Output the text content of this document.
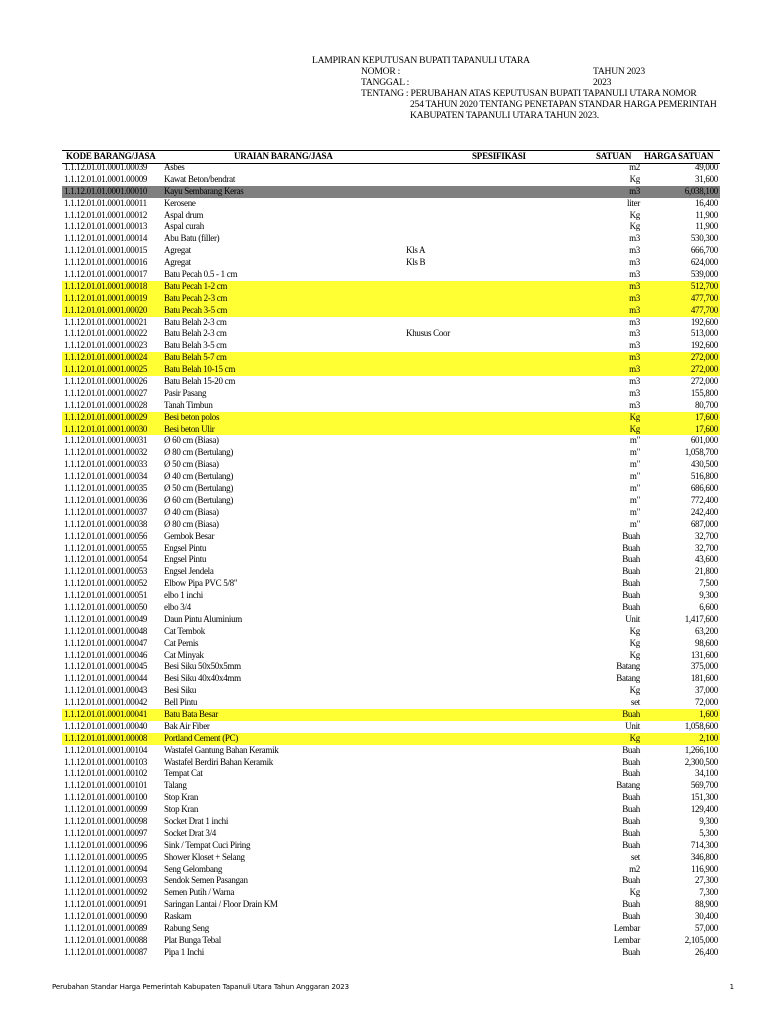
LAMPIRAN KEPUTUSAN BUPATI TAPANULI UTARA
NOMOR :	TAHUN 2023
TANGGAL :	2023
TENTANG : PERUBAHAN ATAS KEPUTUSAN BUPATI TAPANULI UTARA NOMOR
254 TAHUN 2020 TENTANG PENETAPAN STANDAR HARGA PEMERINTAH
KABUPATEN TAPANULI UTARA TAHUN 2023.
KODE BARANG/JASA	URAIAN BARANG/JASA	SPESIFIKASI	SATUAN HARGA SATUAN
1.1.12.01.01.0001.00039 Asbes	m2	49,000
1.1.12.01.01.0001.00009 Kawat Beton/bendrat	Kg	31,600
1.1.12.01.01.0001.00010 Kayu Sembarang Keras	m3	6,038,100
1.1.12.01.01.0001.00011 Kerosene	liter	16,400
1.1.12.01.01.0001.00012 Aspal drum	Kg	11,900
1.1.12.01.01.0001.00013 Aspal curah	Kg	11,900
1.1.12.01.01.0001.00014 Abu Batu (filler)	m3	530,300
1.1.12.01.01.0001.00015 Agregat	Kls A	m3	666,700
1.1.12.01.01.0001.00016 Agregat	Kls B	m3	624,000
1.1.12.01.01.0001.00017 Batu Pecah 0.5 - 1 cm	m3	539,000
1.1.12.01.01.0001.00018 Batu Pecah 1-2 cm	m3	512,700
1.1.12.01.01.0001.00019 Batu Pecah 2-3 cm	m3	477,700
1.1.12.01.01.0001.00020 Batu Pecah 3-5 cm	m3	477,700
1.1.12.01.01.0001.00021 Batu Belah 2-3 cm	m3	192,600
1.1.12.01.01.0001.00022 Batu Belah 2-3 cm	Khusus Coor	m3	513,000
1.1.12.01.01.0001.00023 Batu Belah 3-5 cm	m3	192,600
1.1.12.01.01.0001.00024 Batu Belah 5-7 cm	m3	272,000
1.1.12.01.01.0001.00025 Batu Belah 10-15 cm	m3	272,000
1.1.12.01.01.0001.00026 Batu Belah 15-20 cm	m3	272,000
1.1.12.01.01.0001.00027 Pasir Pasang	m3	155,800
1.1.12.01.01.0001.00028 Tanah Timbun	m3	80,700
1.1.12.01.01.0001.00029 Besi beton polos	Kg	17,600
1.1.12.01.01.0001.00030 Besi beton Ulir	Kg	17,600
1.1.12.01.01.0001.00031 Ø 60 cm (Biasa)	m"	601,000
1.1.12.01.01.0001.00032 Ø 80 cm (Bertulang)	m"	1,058,700
1.1.12.01.01.0001.00033 Ø 50 cm (Biasa)	m"	430,500
1.1.12.01.01.0001.00034 Ø 40 cm (Bertulang)	m"	516,800
1.1.12.01.01.0001.00035 Ø 50 cm (Bertulang)	m"	686,600
1.1.12.01.01.0001.00036 Ø 60 cm (Bertulang)	m"	772,400
1.1.12.01.01.0001.00037 Ø 40 cm (Biasa)	m"	242,400
1.1.12.01.01.0001.00038 Ø 80 cm (Biasa)	m"	687,000
1.1.12.01.01.0001.00056 Gembok Besar	Buah	32,700
1.1.12.01.01.0001.00055 Engsel Pintu	Buah	32,700
1.1.12.01.01.0001.00054 Engsel Pintu	Buah	43,600
1.1.12.01.01.0001.00053 Engsel Jendela	Buah	21,800
1.1.12.01.01.0001.00052 Elbow Pipa PVC 5/8"	Buah	7,500
1.1.12.01.01.0001.00051 elbo 1 inchi	Buah	9,300
1.1.12.01.01.0001.00050 elbo 3/4	Buah	6,600
1.1.12.01.01.0001.00049 Daun Pintu Aluminium	Unit	1,417,600
1.1.12.01.01.0001.00048 Cat Tembok	Kg	63,200
1.1.12.01.01.0001.00047 Cat Pernis	Kg	98,600
1.1.12.01.01.0001.00046 Cat Minyak	Kg	131,600
1.1.12.01.01.0001.00045 Besi Siku 50x50x5mm	Batang	375,000
1.1.12.01.01.0001.00044 Besi Siku 40x40x4mm	Batang	181,600
1.1.12.01.01.0001.00043 Besi Siku	Kg	37,000
1.1.12.01.01.0001.00042 Bell Pintu	set	72,000
1.1.12.01.01.0001.00041 Batu Bata Besar	Buah	1,600
1.1.12.01.01.0001.00040 Bak Air Fiber	Unit	1,058,600
1.1.12.01.01.0001.00008 Portland Cement (PC)	Kg	2,100
1.1.12.01.01.0001.00104 Wastafel Gantung Bahan Keramik	Buah	1,266,100
1.1.12.01.01.0001.00103 Wastafel Berdiri Bahan Keramik	Buah	2,300,500
1.1.12.01.01.0001.00102 Tempat Cat	Buah	34,100
1.1.12.01.01.0001.00101 Talang	Batang	569,700
1.1.12.01.01.0001.00100 Stop Kran	Buah	151,300
1.1.12.01.01.0001.00099 Stop Kran	Buah	129,400
1.1.12.01.01.0001.00098 Socket Drat 1 inchi	Buah	9,300
1.1.12.01.01.0001.00097 Socket Drat 3/4	Buah	5,300
1.1.12.01.01.0001.00096 Sink / Tempat Cuci Piring	Buah	714,300
1.1.12.01.01.0001.00095 Shower Kloset + Selang	set	346,800
1.1.12.01.01.0001.00094 Seng Gelombang	m2	116,900
1.1.12.01.01.0001.00093 Sendok Semen Pasangan	Buah	27,300
1.1.12.01.01.0001.00092 Semen Putih / Warna	Kg	7,300
1.1.12.01.01.0001.00091 Saringan Lantai / Floor Drain KM	Buah	88,900
1.1.12.01.01.0001.00090 Raskam	Buah	30,400
1.1.12.01.01.0001.00089 Rabung Seng	Lembar	57,000
1.1.12.01.01.0001.00088 Plat Bunga Tebal	Lembar	2,105,000
1.1.12.01.01.0001.00087 Pipa 1 Inchi	Buah	26,400
Perubahan Standar Harga Pemerintah Kabupaten Tapanuli Utara Tahun Anggaran 2023	1
